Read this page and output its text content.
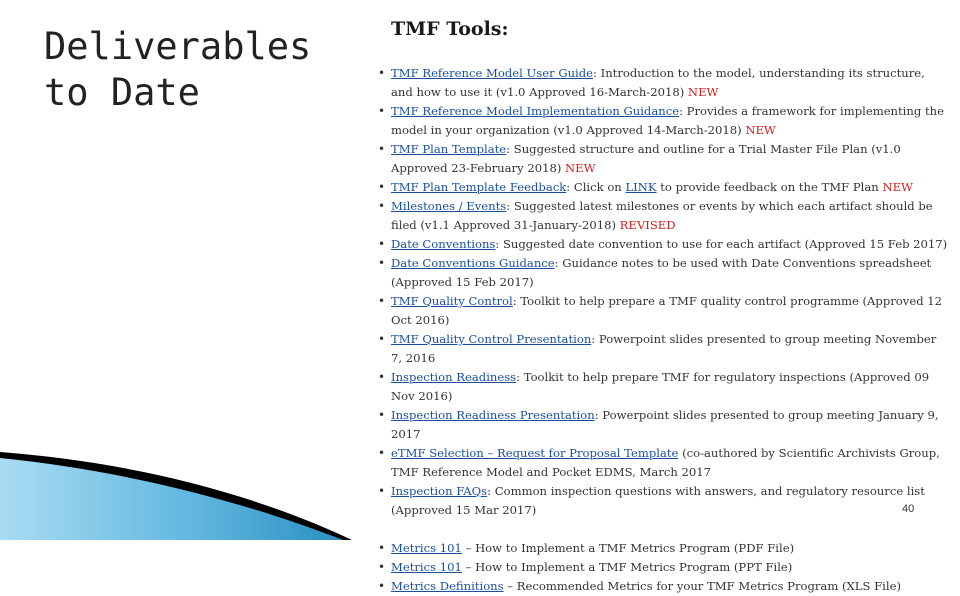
Deliverables
to Date
TMF Tools:
• TMF Reference Model User Guide: Introduction to the model, understanding its structure, and how to use it (v1.0 Approved 16-March-2018) NEW
• TMF Reference Model Implementation Guidance: Provides a framework for implementing the model in your organization (v1.0 Approved 14-March-2018) NEW
• TMF Plan Template: Suggested structure and outline for a Trial Master File Plan (v1.0 Approved 23-February 2018) NEW
• TMF Plan Template Feedback: Click on LINK to provide feedback on the TMF Plan NEW
• Milestones / Events: Suggested latest milestones or events by which each artifact should be filed (v1.1 Approved 31-January-2018) REVISED
• Date Conventions: Suggested date convention to use for each artifact (Approved 15 Feb 2017)
• Date Conventions Guidance: Guidance notes to be used with Date Conventions spreadsheet (Approved 15 Feb 2017)
• TMF Quality Control: Toolkit to help prepare a TMF quality control programme (Approved 12 Oct 2016)
• TMF Quality Control Presentation: Powerpoint slides presented to group meeting November 7, 2016
• Inspection Readiness: Toolkit to help prepare TMF for regulatory inspections (Approved 09 Nov 2016)
• Inspection Readiness Presentation: Powerpoint slides presented to group meeting January 9, 2017
• eTMF Selection – Request for Proposal Template (co-authored by Scientific Archivists Group, TMF Reference Model and Pocket EDMS, March 2017
• Inspection FAQs: Common inspection questions with answers, and regulatory resource list (Approved 15 Mar 2017)
• Metrics 101 – How to Implement a TMF Metrics Program (PDF File)
• Metrics 101 – How to Implement a TMF Metrics Program (PPT File)
• Metrics Definitions – Recommended Metrics for your TMF Metrics Program (XLS File)
40
